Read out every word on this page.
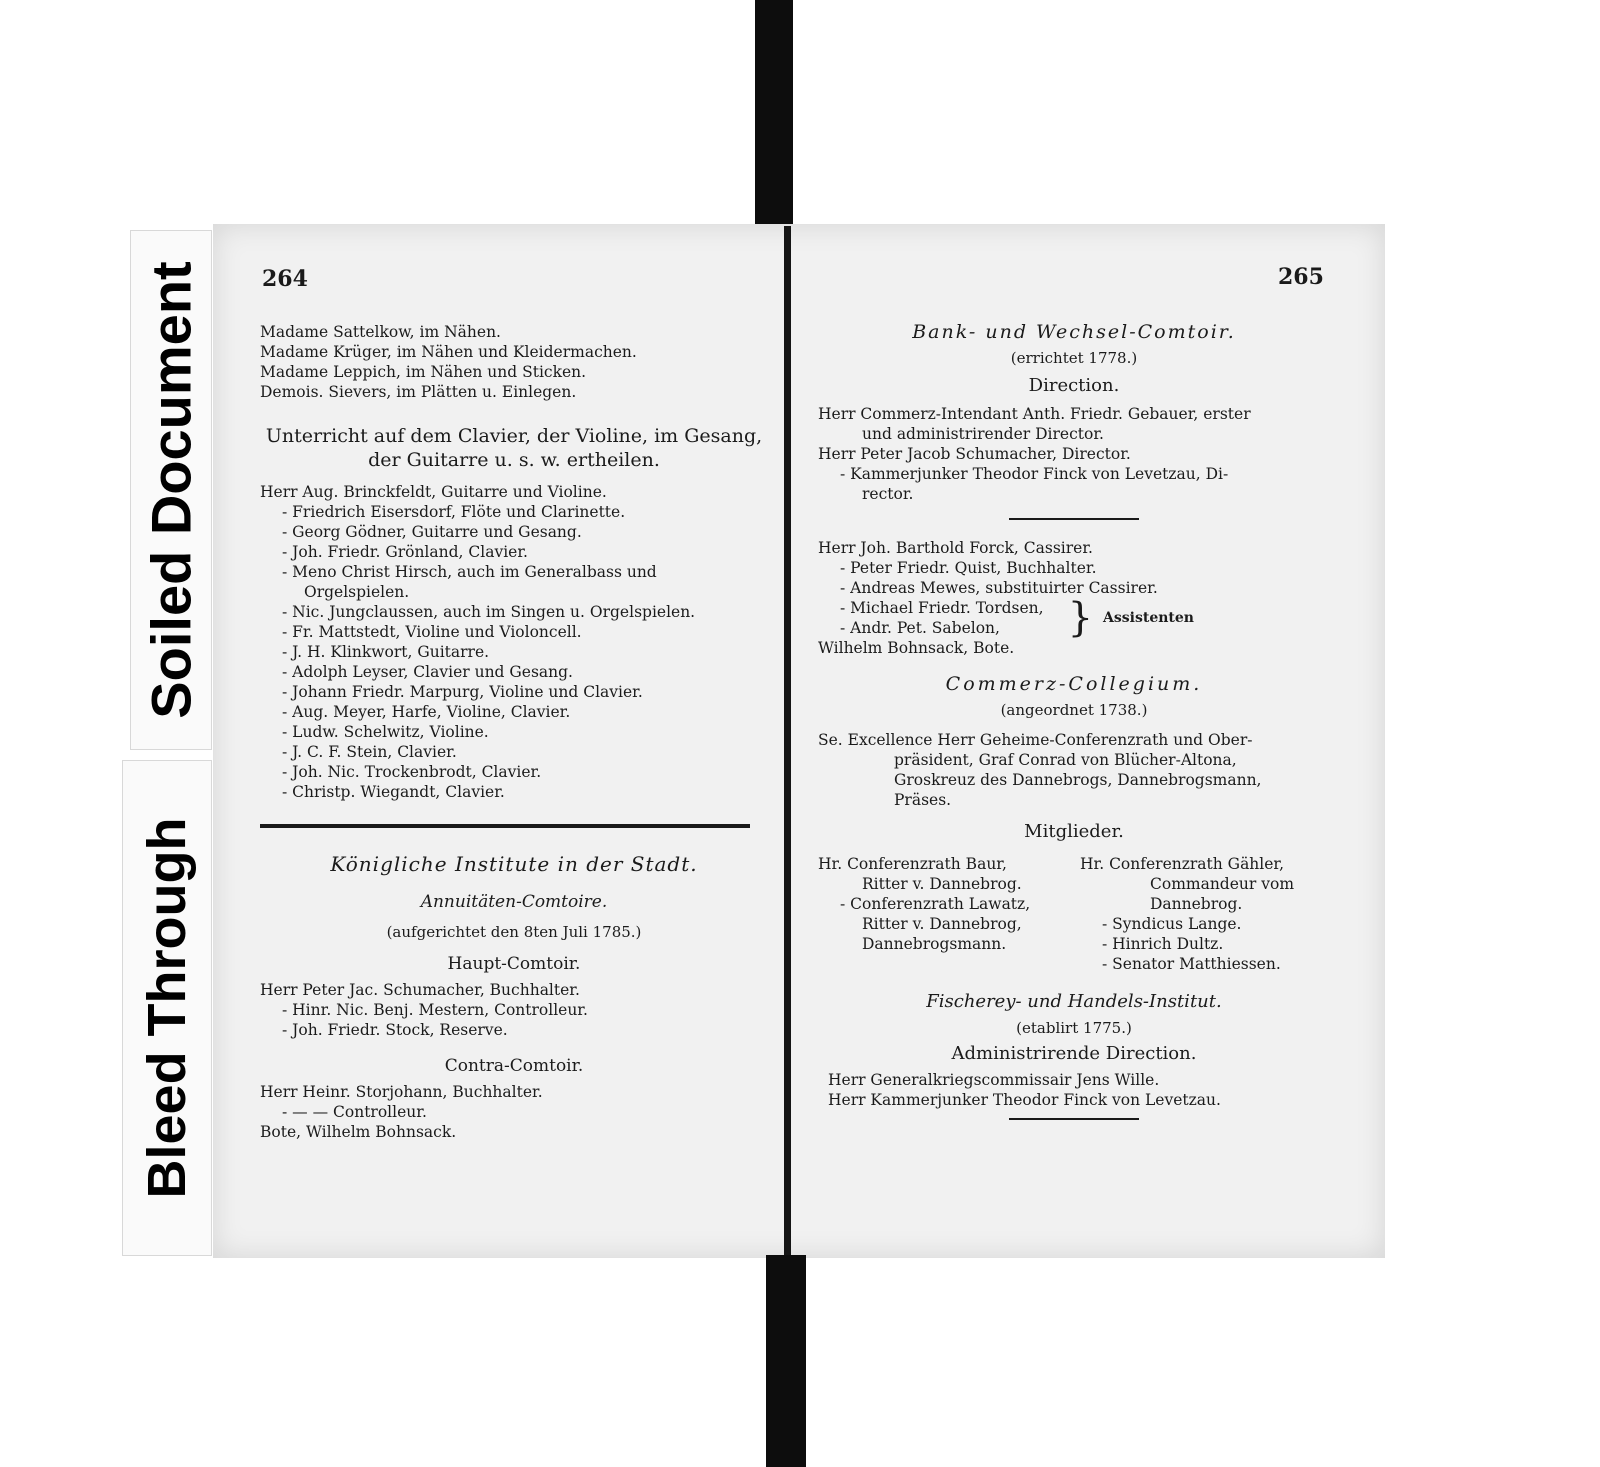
Soiled Document
Bleed Through
264
Madame Sattelkow, im Nähen.
Madame Krüger, im Nähen und Kleidermachen.
Madame Leppich, im Nähen und Sticken.
Demois. Sievers, im Plätten u. Einlegen.
Unterricht auf dem Clavier, der Violine, im Gesang,
der Guitarre u. s. w. ertheilen.
Herr Aug. Brinckfeldt, Guitarre und Violine.
- Friedrich Eisersdorf, Flöte und Clarinette.
- Georg Gödner, Guitarre und Gesang.
- Joh. Friedr. Grönland, Clavier.
- Meno Christ Hirsch, auch im Generalbass und
Orgelspielen.
- Nic. Jungclaussen, auch im Singen u. Orgelspielen.
- Fr. Mattstedt, Violine und Violoncell.
- J. H. Klinkwort, Guitarre.
- Adolph Leyser, Clavier und Gesang.
- Johann Friedr. Marpurg, Violine und Clavier.
- Aug. Meyer, Harfe, Violine, Clavier.
- Ludw. Schelwitz, Violine.
- J. C. F. Stein, Clavier.
- Joh. Nic. Trockenbrodt, Clavier.
- Christp. Wiegandt, Clavier.
Königliche Institute in der Stadt.
Annuitäten-Comtoire.
(aufgerichtet den 8ten Juli 1785.)
Haupt-Comtoir.
Herr Peter Jac. Schumacher, Buchhalter.
- Hinr. Nic. Benj. Mestern, Controlleur.
- Joh. Friedr. Stock, Reserve.
Contra-Comtoir.
Herr Heinr. Storjohann, Buchhalter.
- — — Controlleur.
Bote, Wilhelm Bohnsack.
265
Bank- und Wechsel-Comtoir.
(errichtet 1778.)
Direction.
Herr Commerz-Intendant Anth. Friedr. Gebauer, erster
und administrirender Director.
Herr Peter Jacob Schumacher, Director.
- Kammerjunker Theodor Finck von Levetzau, Di-
rector.
Herr Joh. Barthold Forck, Cassirer.
- Peter Friedr. Quist, Buchhalter.
- Andreas Mewes, substituirter Cassirer.
- Michael Friedr. Tordsen,
- Andr. Pet. Sabelon,	} Assistenten
Wilhelm Bohnsack, Bote.
Commerz-Collegium.
(angeordnet 1738.)
Se. Excellence Herr Geheime-Conferenzrath und Ober-
präsident, Graf Conrad von Blücher-Altona,
Groskreuz des Dannebrogs, Dannebrogsmann,
Präses.
Mitglieder.
Hr. Conferenzrath Baur,
Ritter v. Dannebrog.
- Conferenzrath Lawatz,
Ritter v. Dannebrog,
Dannebrogsmann.
Hr. Conferenzrath Gähler,
Commandeur vom
Dannebrog.
- Syndicus Lange.
- Hinrich Dultz.
- Senator Matthiessen.
Fischerey- und Handels-Institut.
(etablirt 1775.)
Administrirende Direction.
Herr Generalkriegscommissair Jens Wille.
Herr Kammerjunker Theodor Finck von Levetzau.
